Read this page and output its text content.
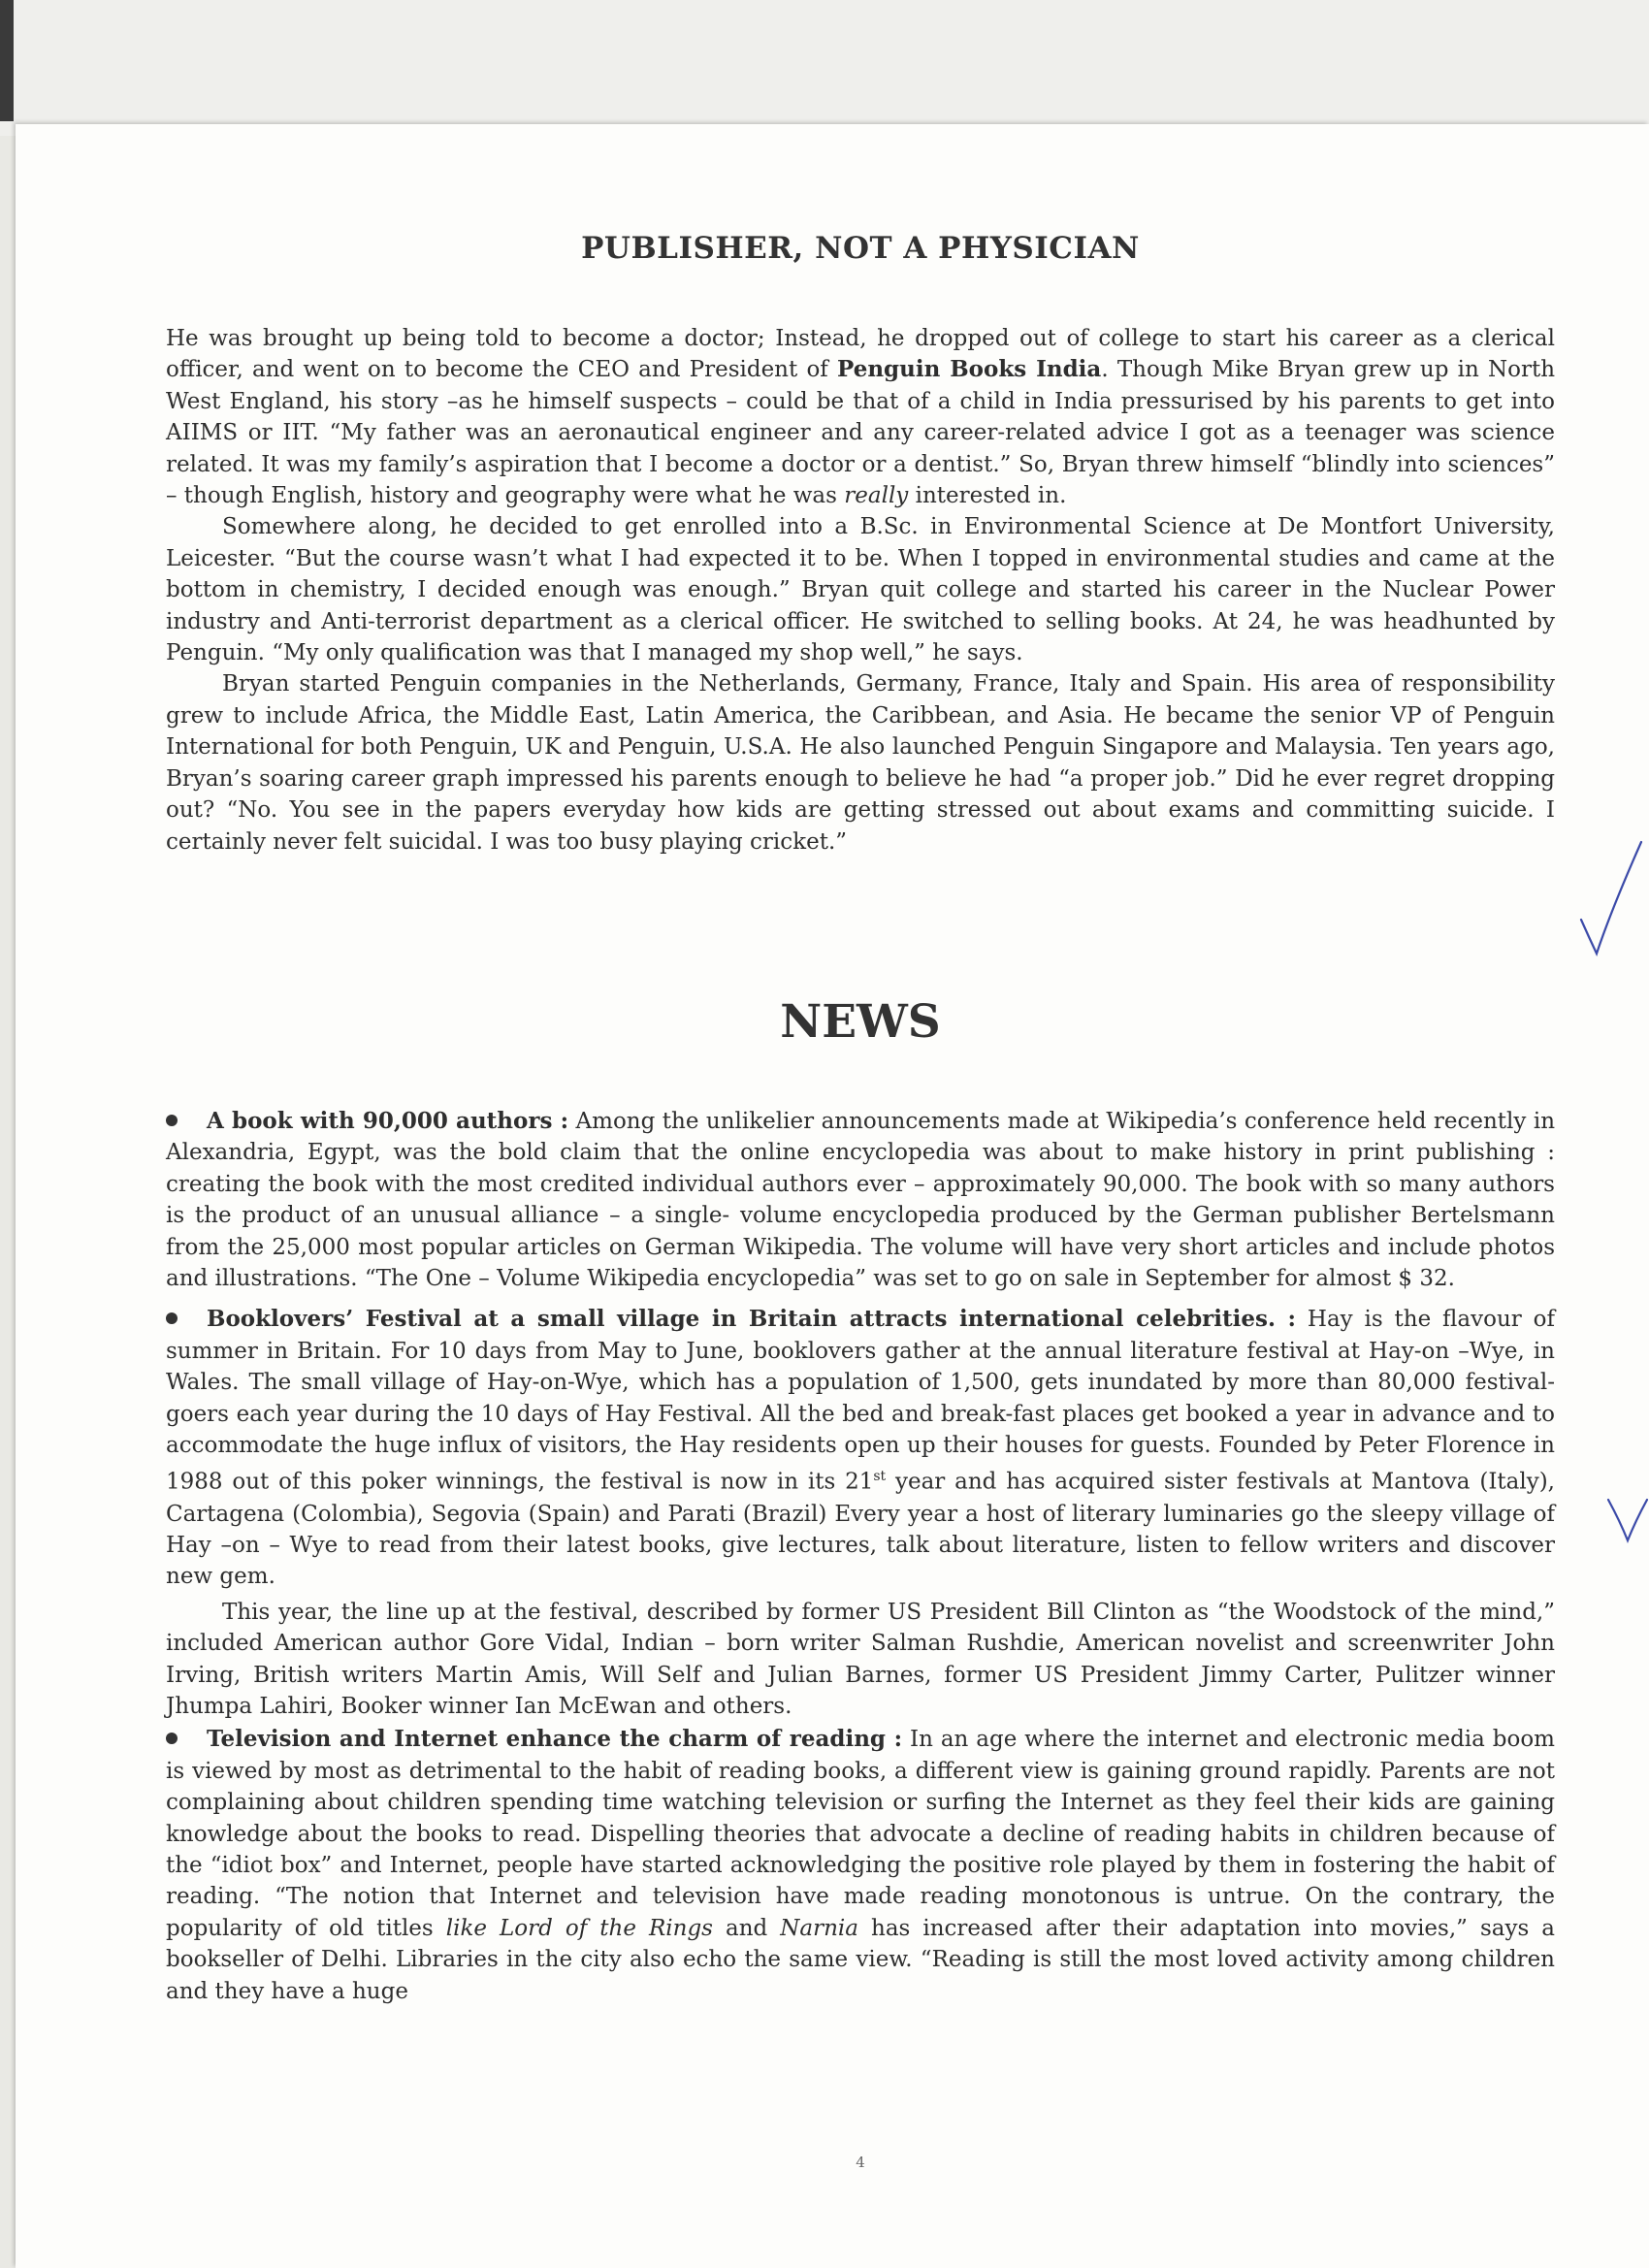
PUBLISHER, NOT A PHYSICIAN

He was brought up being told to become a doctor; Instead, he dropped out of college to start his career as a clerical officer, and went on to become the CEO and President of Penguin Books India. Though Mike Bryan grew up in North West England, his story –as he himself suspects – could be that of a child in India pressurised by his parents to get into AIIMS or IIT. “My father was an aeronautical engineer and any career-related advice I got as a teenager was science related. It was my family’s aspiration that I become a doctor or a dentist.” So, Bryan threw himself “blindly into sciences” – though English, history and geography were what he was really interested in.

Somewhere along, he decided to get enrolled into a B.Sc. in Environmental Science at De Montfort University, Leicester. “But the course wasn’t what I had expected it to be. When I topped in environmental studies and came at the bottom in chemistry, I decided enough was enough.” Bryan quit college and started his career in the Nuclear Power industry and Anti-terrorist department as a clerical officer. He switched to selling books. At 24, he was headhunted by Penguin. “My only qualification was that I managed my shop well,” he says.

Bryan started Penguin companies in the Netherlands, Germany, France, Italy and Spain. His area of responsibility grew to include Africa, the Middle East, Latin America, the Caribbean, and Asia. He became the senior VP of Penguin International for both Penguin, UK and Penguin, U.S.A. He also launched Penguin Singapore and Malaysia. Ten years ago, Bryan’s soaring career graph impressed his parents enough to believe he had “a proper job.” Did he ever regret dropping out? “No. You see in the papers everyday how kids are getting stressed out about exams and committing suicide. I certainly never felt suicidal. I was too busy playing cricket.”

NEWS

A book with 90,000 authors : Among the unlikelier announcements made at Wikipedia’s conference held recently in Alexandria, Egypt, was the bold claim that the online encyclopedia was about to make history in print publishing : creating the book with the most credited individual authors ever – approximately 90,000. The book with so many authors is the product of an unusual alliance – a single- volume encyclopedia produced by the German publisher Bertelsmann from the 25,000 most popular articles on German Wikipedia. The volume will have very short articles and include photos and illustrations. “The One – Volume Wikipedia encyclopedia” was set to go on sale in September for almost $ 32.

Booklovers’ Festival at a small village in Britain attracts international celebrities. : Hay is the flavour of summer in Britain. For 10 days from May to June, booklovers gather at the annual literature festival at Hay-on –Wye, in Wales. The small village of Hay-on-Wye, which has a population of 1,500, gets inundated by more than 80,000 festival-goers each year during the 10 days of Hay Festival. All the bed and break-fast places get booked a year in advance and to accommodate the huge influx of visitors, the Hay residents open up their houses for guests. Founded by Peter Florence in 1988 out of this poker winnings, the festival is now in its 21st year and has acquired sister festivals at Mantova (Italy), Cartagena (Colombia), Segovia (Spain) and Parati (Brazil) Every year a host of literary luminaries go the sleepy village of Hay –on – Wye to read from their latest books, give lectures, talk about literature, listen to fellow writers and discover new gem.

This year, the line up at the festival, described by former US President Bill Clinton as “the Woodstock of the mind,” included American author Gore Vidal, Indian – born writer Salman Rushdie, American novelist and screenwriter John Irving, British writers Martin Amis, Will Self and Julian Barnes, former US President Jimmy Carter, Pulitzer winner Jhumpa Lahiri, Booker winner Ian McEwan and others.

Television and Internet enhance the charm of reading : In an age where the internet and electronic media boom is viewed by most as detrimental to the habit of reading books, a different view is gaining ground rapidly. Parents are not complaining about children spending time watching television or surfing the Internet as they feel their kids are gaining knowledge about the books to read. Dispelling theories that advocate a decline of reading habits in children because of the “idiot box” and Internet, people have started acknowledging the positive role played by them in fostering the habit of reading. “The notion that Internet and television have made reading monotonous is untrue. On the contrary, the popularity of old titles like Lord of the Rings and Narnia has increased after their adaptation into movies,” says a bookseller of Delhi. Libraries in the city also echo the same view. “Reading is still the most loved activity among children and they have a huge

4
